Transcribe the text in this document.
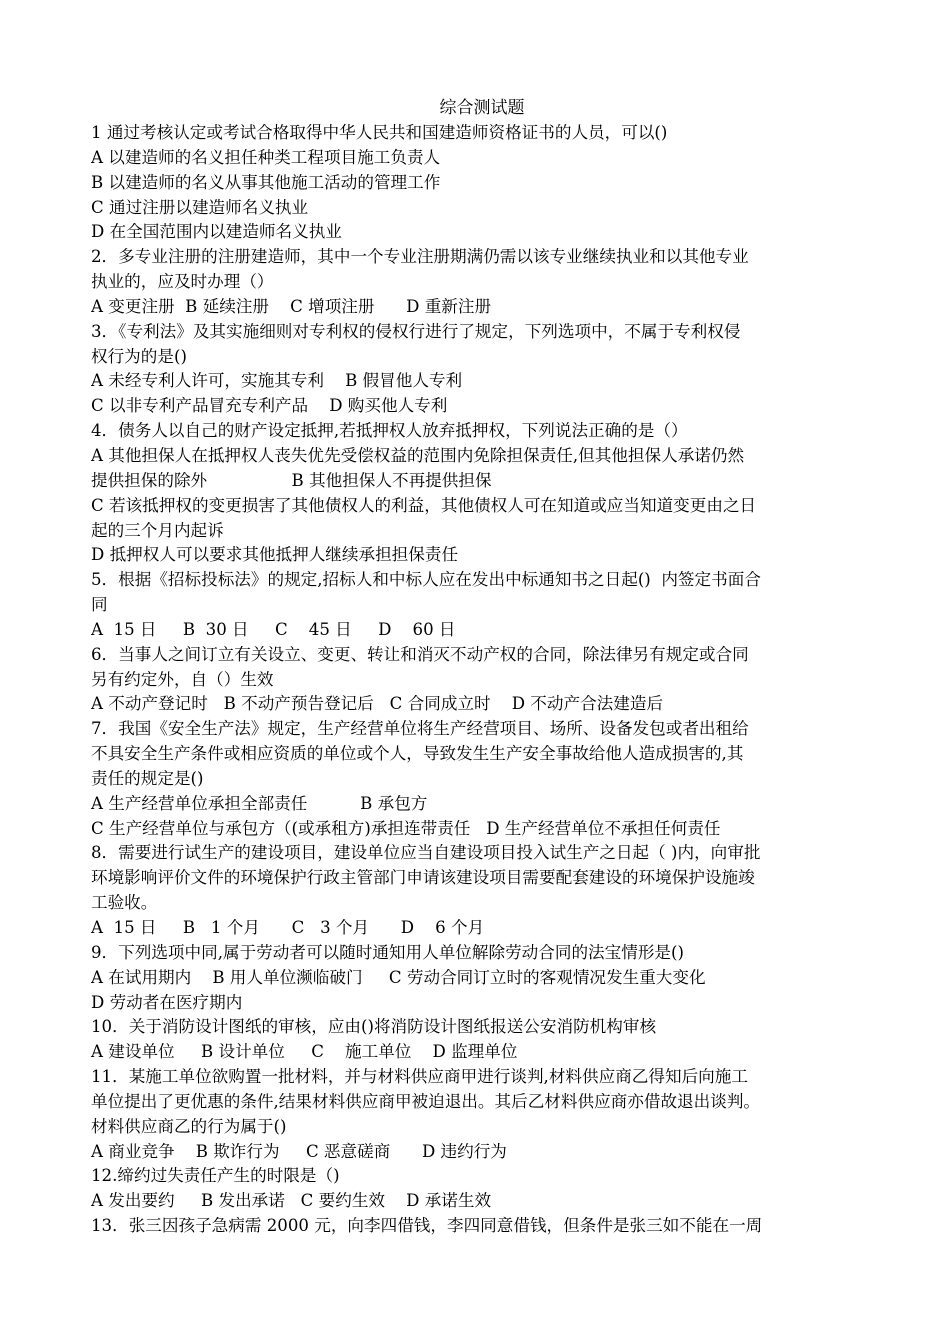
综合测试题
1 通过考核认定或考试合格取得中华人民共和国建造师资格证书的人员，可以()
A 以建造师的名义担任种类工程项目施工负责人
B 以建造师的名义从事其他施工活动的管理工作
C 通过注册以建造师名义执业
D 在全国范围内以建造师名义执业
2．多专业注册的注册建造师，其中一个专业注册期满仍需以该专业继续执业和以其他专业
执业的，应及时办理（）
A 变更注册  B 延续注册    C 增项注册      D 重新注册
3．《专利法》及其实施细则对专利权的侵权行进行了规定，下列选项中，不属于专利权侵
权行为的是()
A 未经专利人许可，实施其专利    B 假冒他人专利
C 以非专利产品冒充专利产品    D 购买他人专利
4．债务人以自己的财产设定抵押,若抵押权人放弃抵押权，下列说法正确的是（）
A 其他担保人在抵押权人丧失优先受偿权益的范围内免除担保责任,但其他担保人承诺仍然
提供担保的除外                B 其他担保人不再提供担保
C 若该抵押权的变更损害了其他债权人的利益，其他债权人可在知道或应当知道变更由之日
起的三个月内起诉
D 抵押权人可以要求其他抵押人继续承担担保责任
5．根据《招标投标法》的规定,招标人和中标人应在发出中标通知书之日起()  内签定书面合
同
A  15 日     B  30 日     C    45 日     D    60 日
6．当事人之间订立有关设立、变更、转让和消灭不动产权的合同，除法律另有规定或合同
另有约定外，自（）生效
A 不动产登记时   B 不动产预告登记后   C 合同成立时    D 不动产合法建造后
7．我国《安全生产法》规定，生产经营单位将生产经营项目、场所、设备发包或者出租给
不具安全生产条件或相应资质的单位或个人，导致发生生产安全事故给他人造成损害的,其
责任的规定是()
A 生产经营单位承担全部责任          B 承包方
C 生产经营单位与承包方（(或承租方)承担连带责任   D 生产经营单位不承担任何责任
8．需要进行试生产的建设项目，建设单位应当自建设项目投入试生产之日起（ )内，向审批
环境影响评价文件的环境保护行政主管部门申请该建设项目需要配套建设的环境保护设施竣
工验收。
A  15 日     B   1 个月      C   3 个月      D    6 个月
9．下列选项中同,属于劳动者可以随时通知用人单位解除劳动合同的法宝情形是()
A 在试用期内    B 用人单位濒临破门     C 劳动合同订立时的客观情况发生重大变化
D 劳动者在医疗期内
10．关于消防设计图纸的审核，应由()将消防设计图纸报送公安消防机构审核
A 建设单位     B 设计单位     C    施工单位    D 监理单位
11．某施工单位欲购置一批材料，并与材料供应商甲进行谈判,材料供应商乙得知后向施工
单位提出了更优惠的条件,结果材料供应商甲被迫退出。其后乙材料供应商亦借故退出谈判。
材料供应商乙的行为属于()
A 商业竞争    B 欺诈行为     C 恶意磋商      D 违约行为
12.缔约过失责任产生的时限是（)
A 发出要约     B 发出承诺   C 要约生效    D 承诺生效
13．张三因孩子急病需 2000 元，向李四借钱，李四同意借钱，但条件是张三如不能在一周
